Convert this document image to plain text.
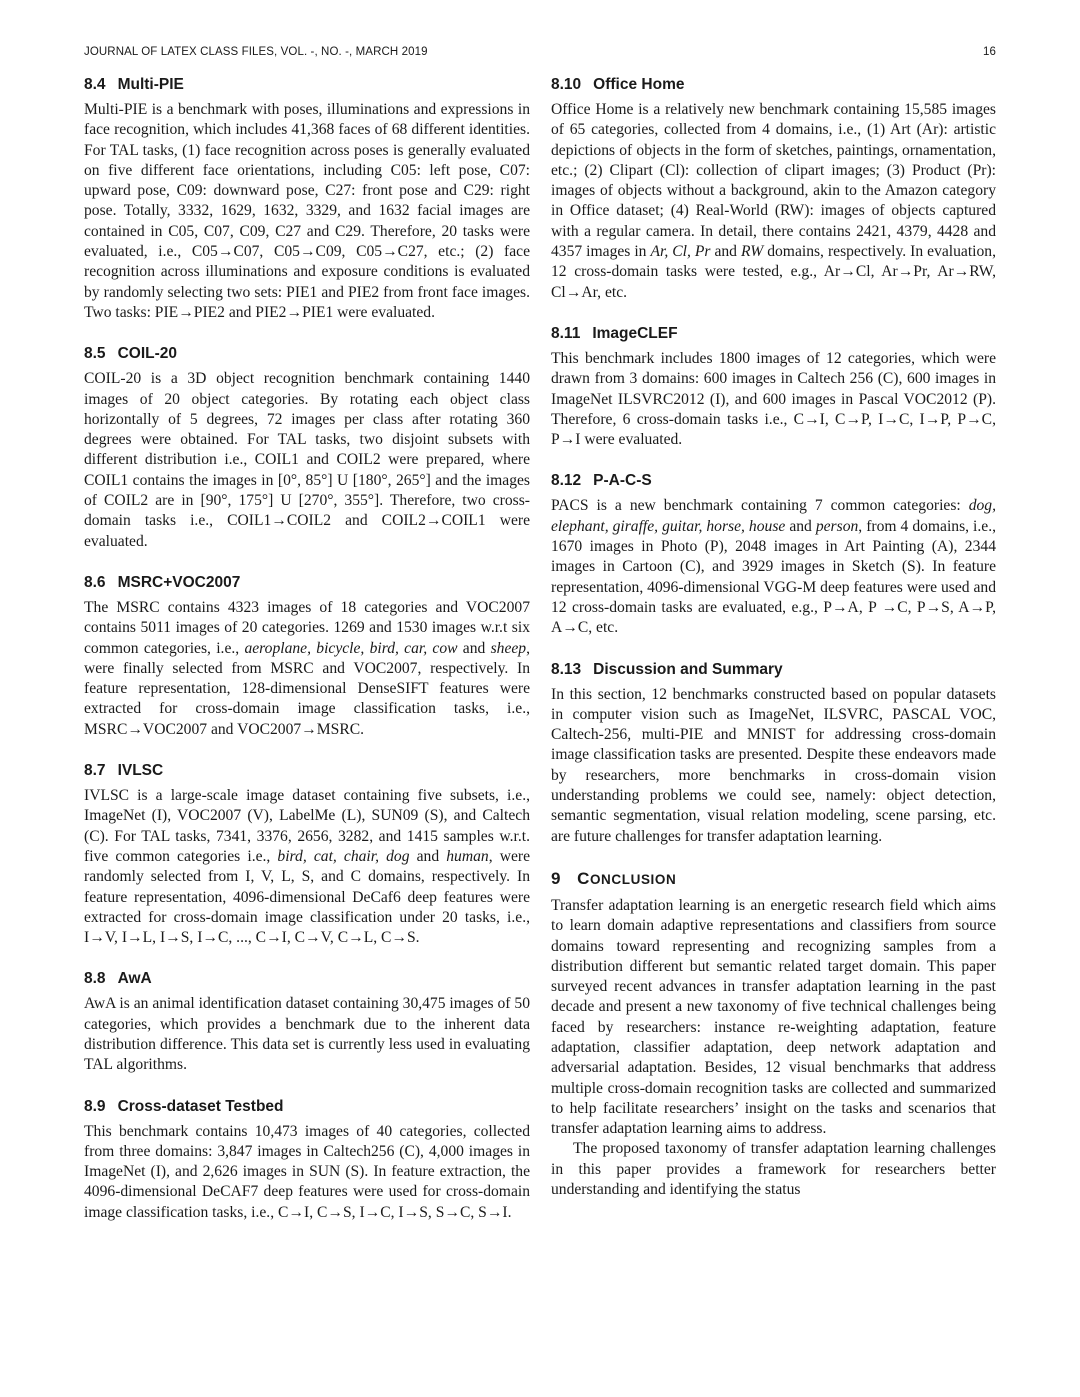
JOURNAL OF LATEX CLASS FILES, VOL. -, NO. -, MARCH 2019	16
8.4 Multi-PIE

Multi-PIE is a benchmark with poses, illuminations and expressions in face recognition, which includes 41,368 faces of 68 different identities. For TAL tasks, (1) face recognition across poses is generally evaluated on five different face orientations, including C05: left pose, C07: upward pose, C09: downward pose, C27: front pose and C29: right pose. Totally, 3332, 1629, 1632, 3329, and 1632 facial images are contained in C05, C07, C09, C27 and C29. Therefore, 20 tasks were evaluated, i.e., C05→C07, C05→C09, C05→C27, etc.; (2) face recognition across illuminations and exposure conditions is evaluated by randomly selecting two sets: PIE1 and PIE2 from front face images. Two tasks: PIE→PIE2 and PIE2→PIE1 were evaluated.

8.5 COIL-20

COIL-20 is a 3D object recognition benchmark containing 1440 images of 20 object categories. By rotating each object class horizontally of 5 degrees, 72 images per class after rotating 360 degrees were obtained. For TAL tasks, two disjoint subsets with different distribution i.e., COIL1 and COIL2 were prepared, where COIL1 contains the images in [0°, 85°] U [180°, 265°] and the images of COIL2 are in [90°, 175°] U [270°, 355°]. Therefore, two cross-domain tasks i.e., COIL1→COIL2 and COIL2→COIL1 were evaluated.

8.6 MSRC+VOC2007

The MSRC contains 4323 images of 18 categories and VOC2007 contains 5011 images of 20 categories. 1269 and 1530 images w.r.t six common categories, i.e., aeroplane, bicycle, bird, car, cow and sheep, were finally selected from MSRC and VOC2007, respectively. In feature representation, 128-dimensional DenseSIFT features were extracted for cross-domain image classification tasks, i.e., MSRC→VOC2007 and VOC2007→MSRC.

8.7 IVLSC

IVLSC is a large-scale image dataset containing five subsets, i.e., ImageNet (I), VOC2007 (V), LabelMe (L), SUN09 (S), and Caltech (C). For TAL tasks, 7341, 3376, 2656, 3282, and 1415 samples w.r.t. five common categories i.e., bird, cat, chair, dog and human, were randomly selected from I, V, L, S, and C domains, respectively. In feature representation, 4096-dimensional DeCaf6 deep features were extracted for cross-domain image classification under 20 tasks, i.e., I→V, I→L, I→S, I→C, ..., C→I, C→V, C→L, C→S.

8.8 AwA

AwA is an animal identification dataset containing 30,475 images of 50 categories, which provides a benchmark due to the inherent data distribution difference. This data set is currently less used in evaluating TAL algorithms.

8.9 Cross-dataset Testbed

This benchmark contains 10,473 images of 40 categories, collected from three domains: 3,847 images in Caltech256 (C), 4,000 images in ImageNet (I), and 2,626 images in SUN (S). In feature extraction, the 4096-dimensional DeCAF7 deep features were used for cross-domain image classification tasks, i.e., C→I, C→S, I→C, I→S, S→C, S→I.

8.10 Office Home

Office Home is a relatively new benchmark containing 15,585 images of 65 categories, collected from 4 domains, i.e., (1) Art (Ar): artistic depictions of objects in the form of sketches, paintings, ornamentation, etc.; (2) Clipart (Cl): collection of clipart images; (3) Product (Pr): images of objects without a background, akin to the Amazon category in Office dataset; (4) Real-World (RW): images of objects captured with a regular camera. In detail, there contains 2421, 4379, 4428 and 4357 images in Ar, Cl, Pr and RW domains, respectively. In evaluation, 12 cross-domain tasks were tested, e.g., Ar→Cl, Ar→Pr, Ar→RW, Cl→Ar, etc.

8.11 ImageCLEF

This benchmark includes 1800 images of 12 categories, which were drawn from 3 domains: 600 images in Caltech 256 (C), 600 images in ImageNet ILSVRC2012 (I), and 600 images in Pascal VOC2012 (P). Therefore, 6 cross-domain tasks i.e., C→I, C→P, I→C, I→P, P→C, P→I were evaluated.

8.12 P-A-C-S

PACS is a new benchmark containing 7 common categories: dog, elephant, giraffe, guitar, horse, house and person, from 4 domains, i.e., 1670 images in Photo (P), 2048 images in Art Painting (A), 2344 images in Cartoon (C), and 3929 images in Sketch (S). In feature representation, 4096-dimensional VGG-M deep features were used and 12 cross-domain tasks are evaluated, e.g., P→A, P →C, P→S, A→P, A→C, etc.

8.13 Discussion and Summary

In this section, 12 benchmarks constructed based on popular datasets in computer vision such as ImageNet, ILSVRC, PASCAL VOC, Caltech-256, multi-PIE and MNIST for addressing cross-domain image classification tasks are presented. Despite these endeavors made by researchers, more benchmarks in cross-domain vision understanding problems we could see, namely: object detection, semantic segmentation, visual relation modeling, scene parsing, etc. are future challenges for transfer adaptation learning.

9 CONCLUSION

Transfer adaptation learning is an energetic research field which aims to learn domain adaptive representations and classifiers from source domains toward representing and recognizing samples from a distribution different but semantic related target domain. This paper surveyed recent advances in transfer adaptation learning in the past decade and present a new taxonomy of five technical challenges being faced by researchers: instance re-weighting adaptation, feature adaptation, classifier adaptation, deep network adaptation and adversarial adaptation. Besides, 12 visual benchmarks that address multiple cross-domain recognition tasks are collected and summarized to help facilitate researchers’ insight on the tasks and scenarios that transfer adaptation learning aims to address.

The proposed taxonomy of transfer adaptation learning challenges in this paper provides a framework for researchers better understanding and identifying the status
